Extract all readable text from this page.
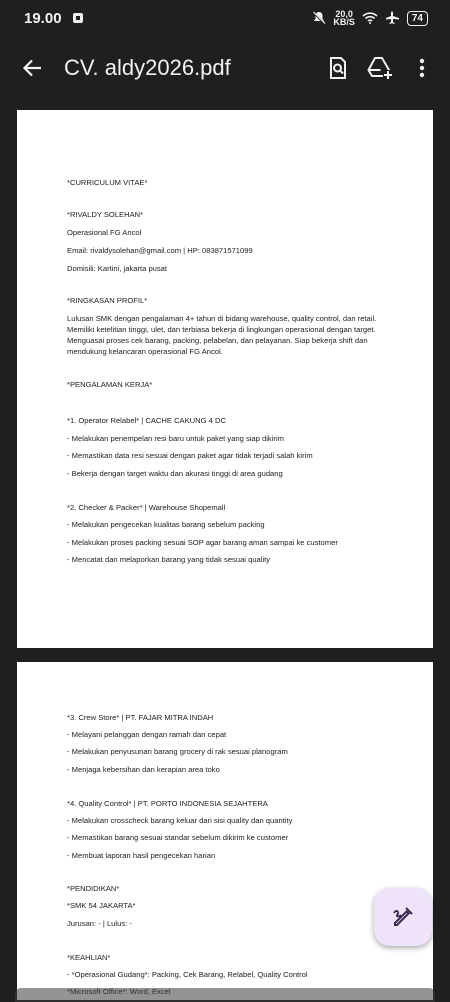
19.00	20,0
KB/S	74
CV. aldy2026.pdf
*CURRICULUM VITAE*
*RIVALDY SOLEHAN*
Operasional FG Ancol
Email: rivaldysolehan@gmail.com | HP: 083871571099
Domisili: Kartini, jakarta pusat
*RINGKASAN PROFIL*
Lulusan SMK dengan pengalaman 4+ tahun di bidang warehouse, quality control, dan retail.
Memiliki ketelitian tinggi, ulet, dan terbiasa bekerja di lingkungan operasional dengan target.
Menguasai proses cek barang, packing, pelabelan, dan pelayanan. Siap bekerja shift dan
mendukung kelancaran operasional FG Ancol.
*PENGALAMAN KERJA*
*1. Operator Relabel* | CACHE CAKUNG 4 DC
- Melakukan penempelan resi baru untuk paket yang siap dikirim
- Memastikan data resi sesuai dengan paket agar tidak terjadi salah kirim
- Bekerja dengan target waktu dan akurasi tinggi di area gudang
*2. Checker & Packer* | Warehouse Shopemall
- Melakukan pengecekan kualitas barang sebelum packing
- Melakukan proses packing sesuai SOP agar barang aman sampai ke customer
- Mencatat dan melaporkan barang yang tidak sesuai quality
*3. Crew Store* | PT. FAJAR MITRA INDAH
- Melayani pelanggan dengan ramah dan cepat
- Melakukan penyusunan barang grocery di rak sesuai planogram
- Menjaga kebersihan dan kerapian area toko
*4. Quality Control* | PT. PORTO INDONESIA SEJAHTERA
- Melakukan crosscheck barang keluar dari sisi quality dan quantity
- Memastikan barang sesuai standar sebelum dikirim ke customer
- Membuat laporan hasil pengecekan harian
*PENDIDIKAN*
*SMK 54 JAKARTA*
Jurusan: - | Lulus: -
*KEAHLIAN*
- *Operasional Gudang*: Packing, Cek Barang, Relabel, Quality Control
